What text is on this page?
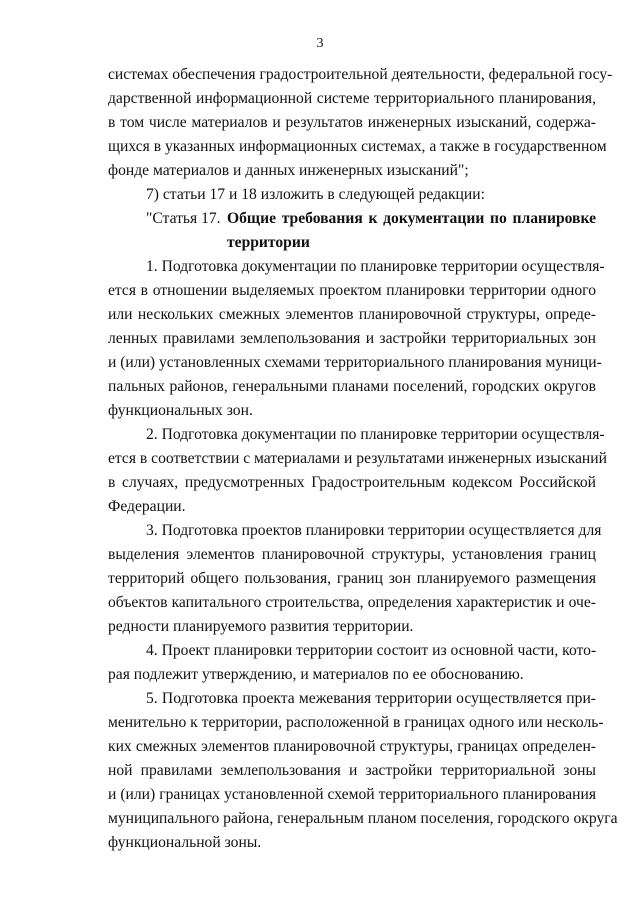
3
системах обеспечения градостроительной деятельности, федеральной госу-
дарственной информационной системе территориального планирования,
в том числе материалов и результатов инженерных изысканий, содержа-
щихся в указанных информационных системах, а также в государственном
фонде материалов и данных инженерных изысканий";
7) статьи 17 и 18 изложить в следующей редакции:
"Статья 17. Общие требования к документации по планировке
территории
1. Подготовка документации по планировке территории осуществля-
ется в отношении выделяемых проектом планировки территории одного
или нескольких смежных элементов планировочной структуры, опреде-
ленных правилами землепользования и застройки территориальных зон
и (или) установленных схемами территориального планирования муници-
пальных районов, генеральными планами поселений, городских округов
функциональных зон.
2. Подготовка документации по планировке территории осуществля-
ется в соответствии с материалами и результатами инженерных изысканий
в случаях, предусмотренных Градостроительным кодексом Российской
Федерации.
3. Подготовка проектов планировки территории осуществляется для
выделения элементов планировочной структуры, установления границ
территорий общего пользования, границ зон планируемого размещения
объектов капитального строительства, определения характеристик и оче-
редности планируемого развития территории.
4. Проект планировки территории состоит из основной части, кото-
рая подлежит утверждению, и материалов по ее обоснованию.
5. Подготовка проекта межевания территории осуществляется при-
менительно к территории, расположенной в границах одного или несколь-
ких смежных элементов планировочной структуры, границах определен-
ной правилами землепользования и застройки территориальной зоны
и (или) границах установленной схемой территориального планирования
муниципального района, генеральным планом поселения, городского округа
функциональной зоны.
